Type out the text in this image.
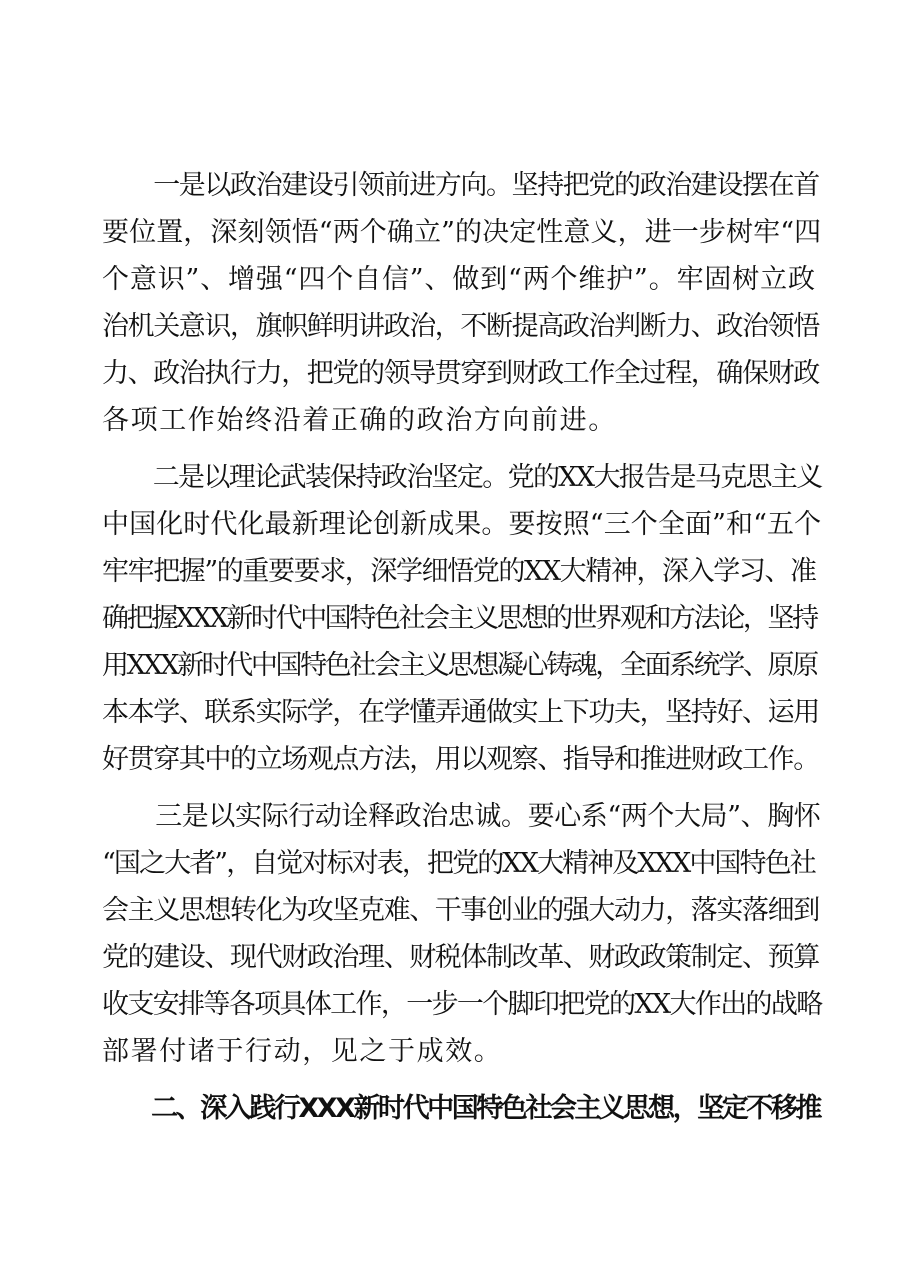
　　一是以政治建设引领前进方向。坚持把党的政治建设摆在首
要位置，深刻领悟“两个确立”的决定性意义，进一步树牢“四
个意识”、增强“四个自信”、做到“两个维护”。牢固树立政
治机关意识，旗帜鲜明讲政治，不断提高政治判断力、政治领悟
力、政治执行力，把党的领导贯穿到财政工作全过程，确保财政
各项工作始终沿着正确的政治方向前进。
　　二是以理论武装保持政治坚定。党的XX大报告是马克思主义
中国化时代化最新理论创新成果。要按照“三个全面”和“五个
牢牢把握”的重要要求，深学细悟党的XX大精神，深入学习、准
确把握XXX新时代中国特色社会主义思想的世界观和方法论，坚持
用XXX新时代中国特色社会主义思想凝心铸魂，全面系统学、原原
本本学、联系实际学，在学懂弄通做实上下功夫，坚持好、运用
好贯穿其中的立场观点方法，用以观察、指导和推进财政工作。
　　三是以实际行动诠释政治忠诚。要心系“两个大局”、胸怀
“国之大者”，自觉对标对表，把党的XX大精神及XXX中国特色社
会主义思想转化为攻坚克难、干事创业的强大动力，落实落细到
党的建设、现代财政治理、财税体制改革、财政政策制定、预算
收支安排等各项具体工作，一步一个脚印把党的XX大作出的战略
部署付诸于行动，见之于成效。
　　二、深入践行XXX新时代中国特色社会主义思想，坚定不移推
